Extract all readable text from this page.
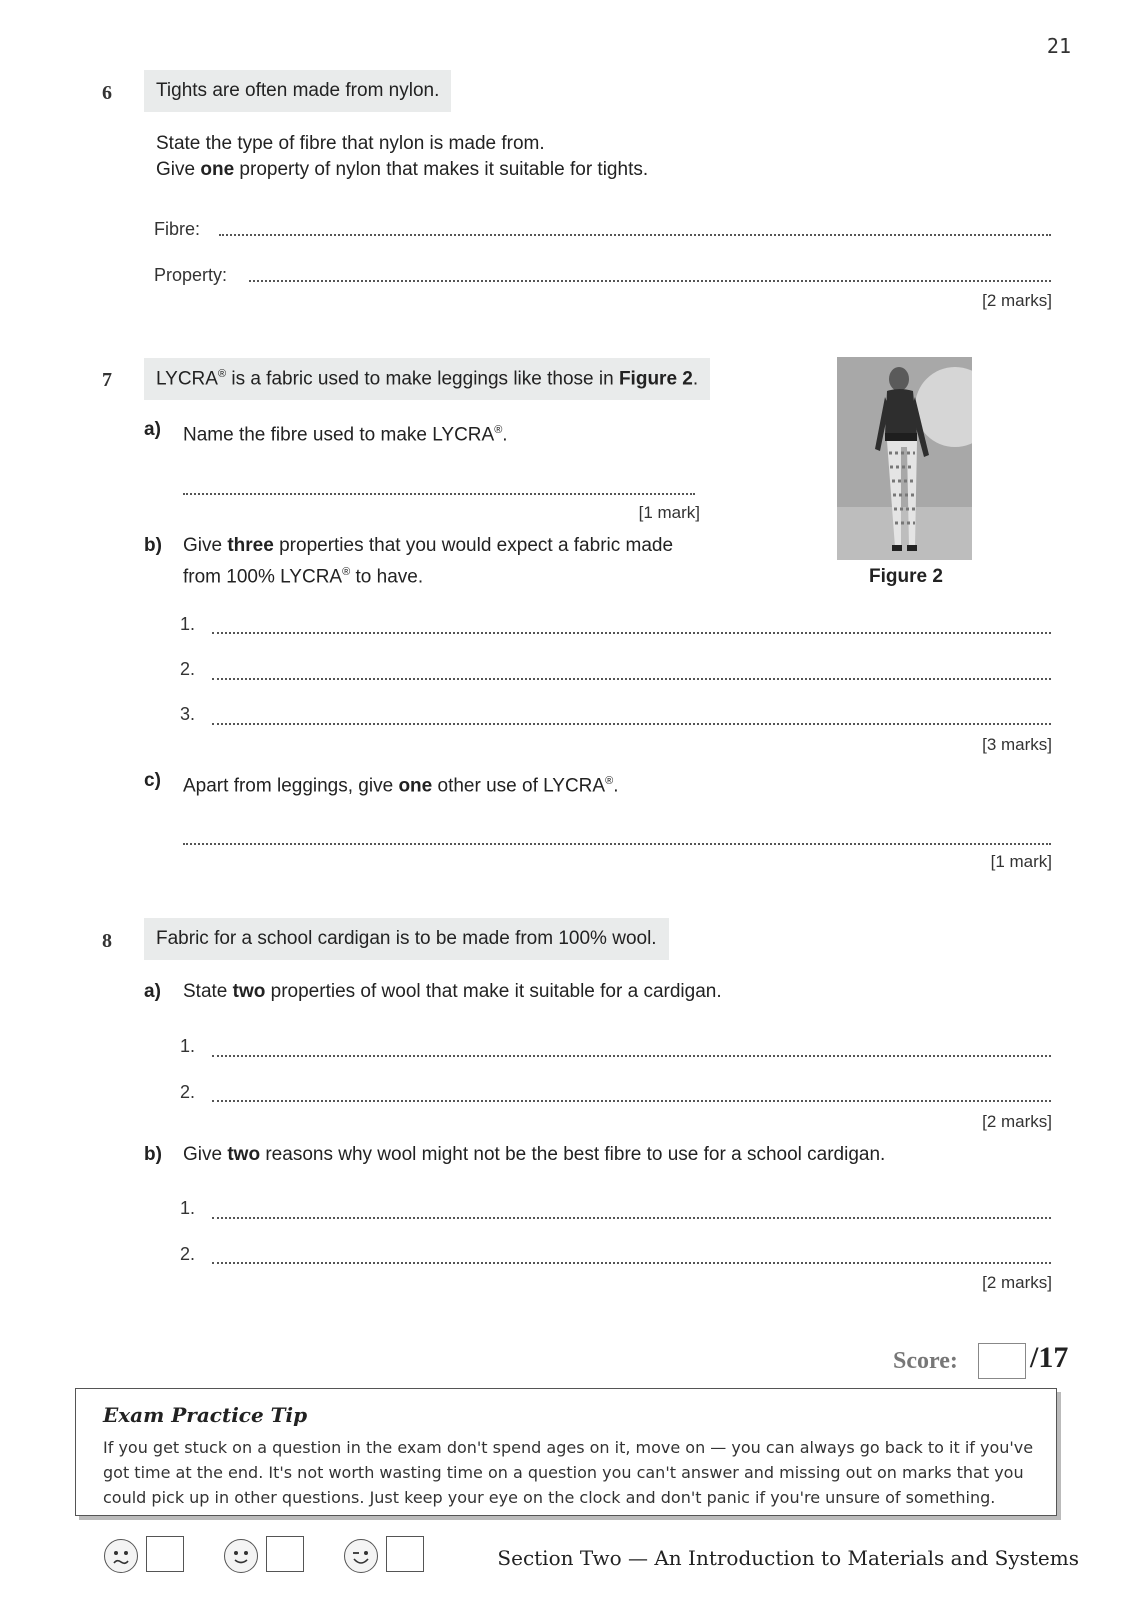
21
6	Tights are often made from nylon.
State the type of fibre that nylon is made from.
Give one property of nylon that makes it suitable for tights.
Fibre:
Property:
[2 marks]
7	LYCRA® is a fabric used to make leggings like those in Figure 2.
a) Name the fibre used to make LYCRA®.
[1 mark]
b) Give three properties that you would expect a fabric made
from 100% LYCRA® to have.
1.
2.
3.
[3 marks]
c) Apart from leggings, give one other use of LYCRA®.
[1 mark]
Figure 2
8	Fabric for a school cardigan is to be made from 100% wool.
a) State two properties of wool that make it suitable for a cardigan.
1.
2.
[2 marks]
b) Give two reasons why wool might not be the best fibre to use for a school cardigan.
1.
2.
[2 marks]
Score: /17
Exam Practice Tip
If you get stuck on a question in the exam don't spend ages on it, move on — you can always go back to it if you've got time at the end. It's not worth wasting time on a question you can't answer and missing out on marks that you could pick up in other questions. Just keep your eye on the clock and don't panic if you're unsure of something.
Section Two — An Introduction to Materials and Systems
